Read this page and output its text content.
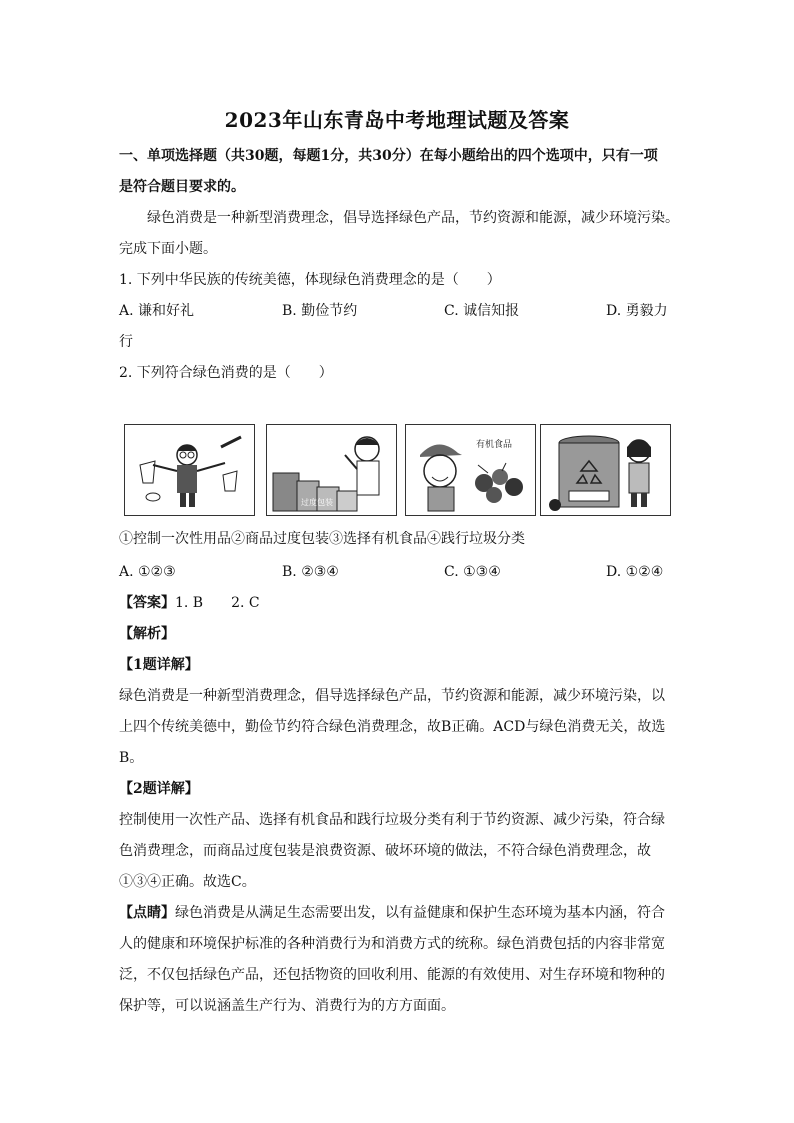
2023年山东青岛中考地理试题及答案
一、单项选择题（共30题，每题1分，共30分）在每小题给出的四个选项中，只有一项
是符合题目要求的。
绿色消费是一种新型消费理念，倡导选择绿色产品，节约资源和能源，减少环境污染。
完成下面小题。
1. 下列中华民族的传统美德，体现绿色消费理念的是（　　）
A. 谦和好礼	B. 勤俭节约	C. 诚信知报	D. 勇毅力
行
2. 下列符合绿色消费的是（　　）
过度包装
有机食品
①控制一次性用品②商品过度包装③选择有机食品④践行垃圾分类
A. ①②③	B. ②③④	C. ①③④	D. ①②④
【答案】1. B　　2. C
【解析】
【1题详解】
绿色消费是一种新型消费理念，倡导选择绿色产品，节约资源和能源，减少环境污染，以
上四个传统美德中，勤俭节约符合绿色消费理念，故B正确。ACD与绿色消费无关，故选
B。
【2题详解】
控制使用一次性产品、选择有机食品和践行垃圾分类有利于节约资源、减少污染，符合绿
色消费理念，而商品过度包装是浪费资源、破坏环境的做法，不符合绿色消费理念，故
①③④正确。故选C。
【点睛】绿色消费是从满足生态需要出发，以有益健康和保护生态环境为基本内涵，符合
人的健康和环境保护标准的各种消费行为和消费方式的统称。绿色消费包括的内容非常宽
泛，不仅包括绿色产品，还包括物资的回收利用、能源的有效使用、对生存环境和物种的
保护等，可以说涵盖生产行为、消费行为的方方面面。
